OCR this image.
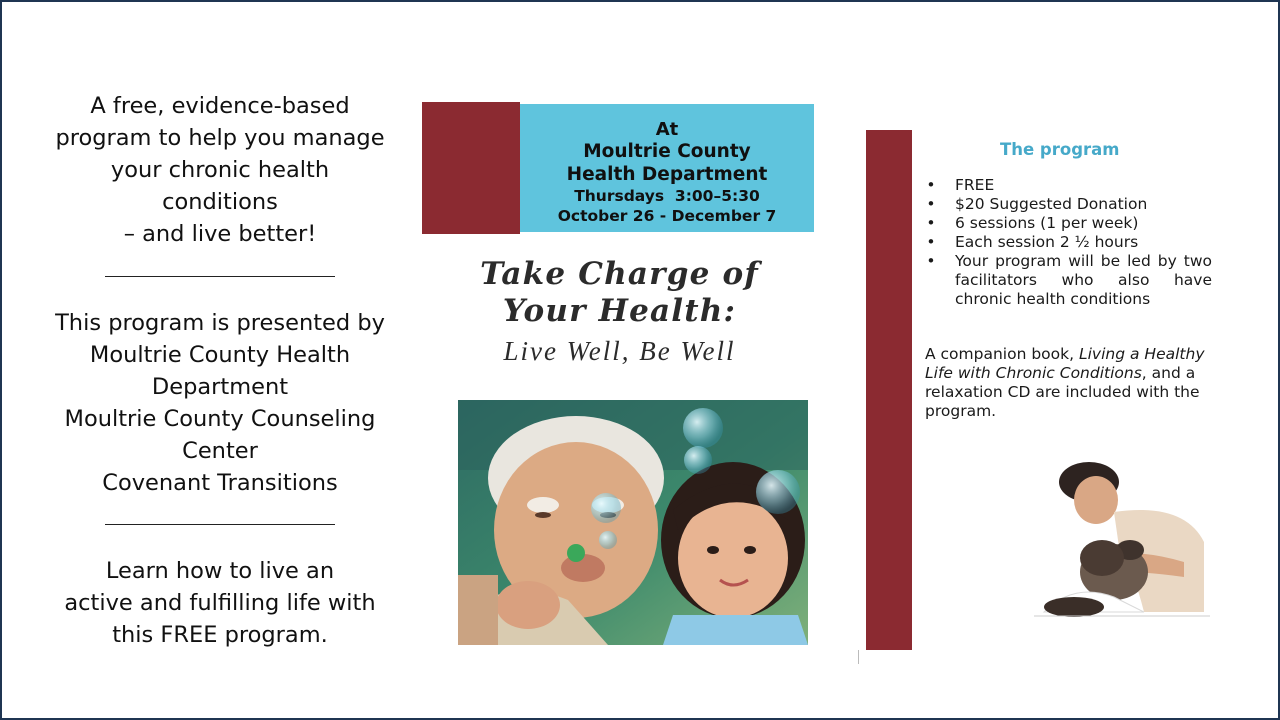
A free, evidence-based

program to help you manage

your chronic health

conditions

– and live better!

This program is presented by

Moultrie County Health

Department

Moultrie County Counseling

Center

Covenant Transitions

Learn how to live an

active and fulfilling life with

this FREE program.

At
Moultrie County
Health Department
Thursdays  3:00–5:30
October 26 - December 7
Take Charge of
Your Health:
Live Well, Be Well
The program
• FREE
• $20 Suggested Donation
• 6 sessions (1 per week)
• Each session 2 ½ hours
• Your program will be led by two facilitators who also have chronic health conditions
A companion book, Living a Healthy Life with Chronic Conditions, and a relaxation CD are included with the program.
